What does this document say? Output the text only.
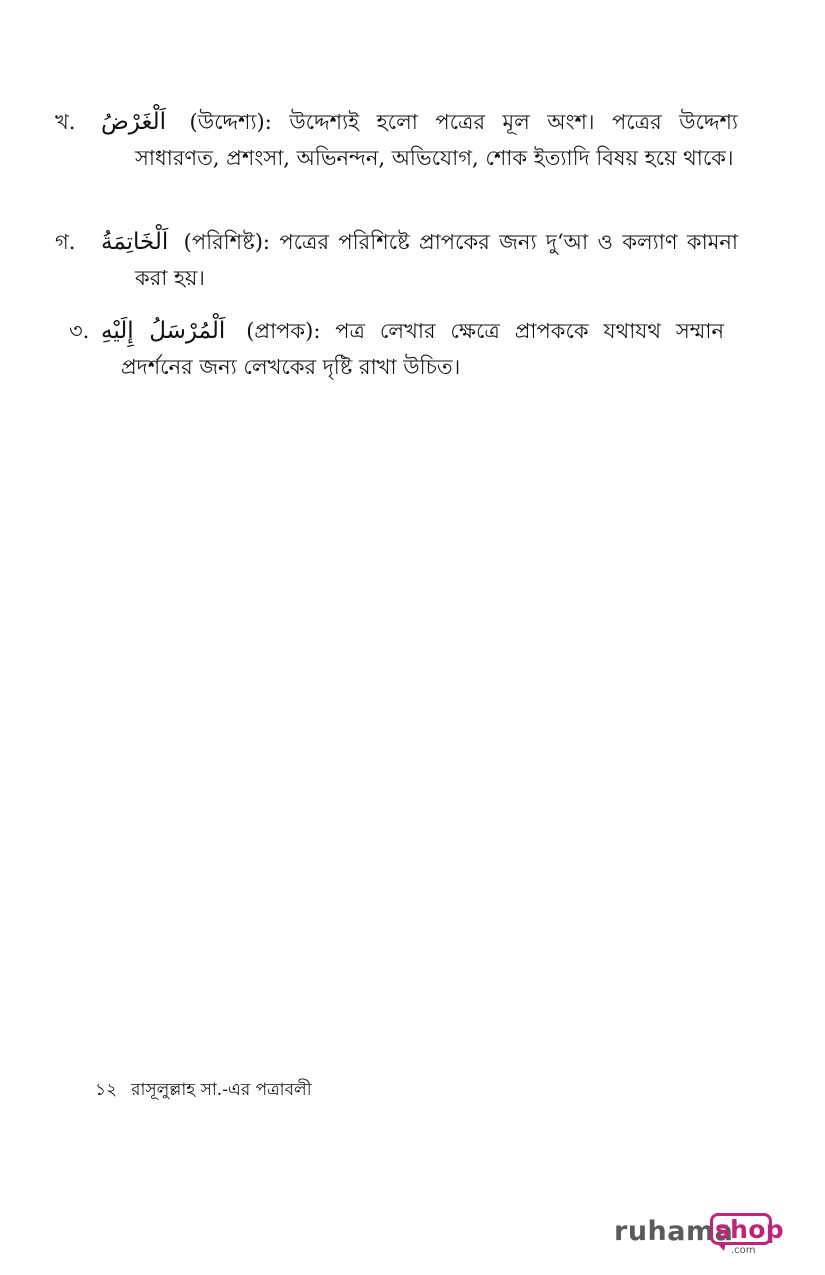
খ. اَلْغَرْضُ (উদ্দেশ্য): উদ্দেশ্যই হলো পত্রের মূল অংশ। পত্রের উদ্দেশ্য সাধারণত, প্রশংসা, অভিনন্দন, অভিযোগ, শোক ইত্যাদি বিষয় হয়ে থাকে।
গ. اَلْخَاتِمَةُ (পরিশিষ্ট): পত্রের পরিশিষ্টে প্রাপকের জন্য দু‘আ ও কল্যাণ কামনা করা হয়।
৩. اَلْمُرْسَلُ إِلَيْهِ (প্রাপক): পত্র লেখার ক্ষেত্রে প্রাপককে যথাযথ সম্মান প্রদর্শনের জন্য লেখকের দৃষ্টি রাখা উচিত।
১২ রাসূলুল্লাহ সা.-এর পত্রাবলী
ruhama
shop
.com
